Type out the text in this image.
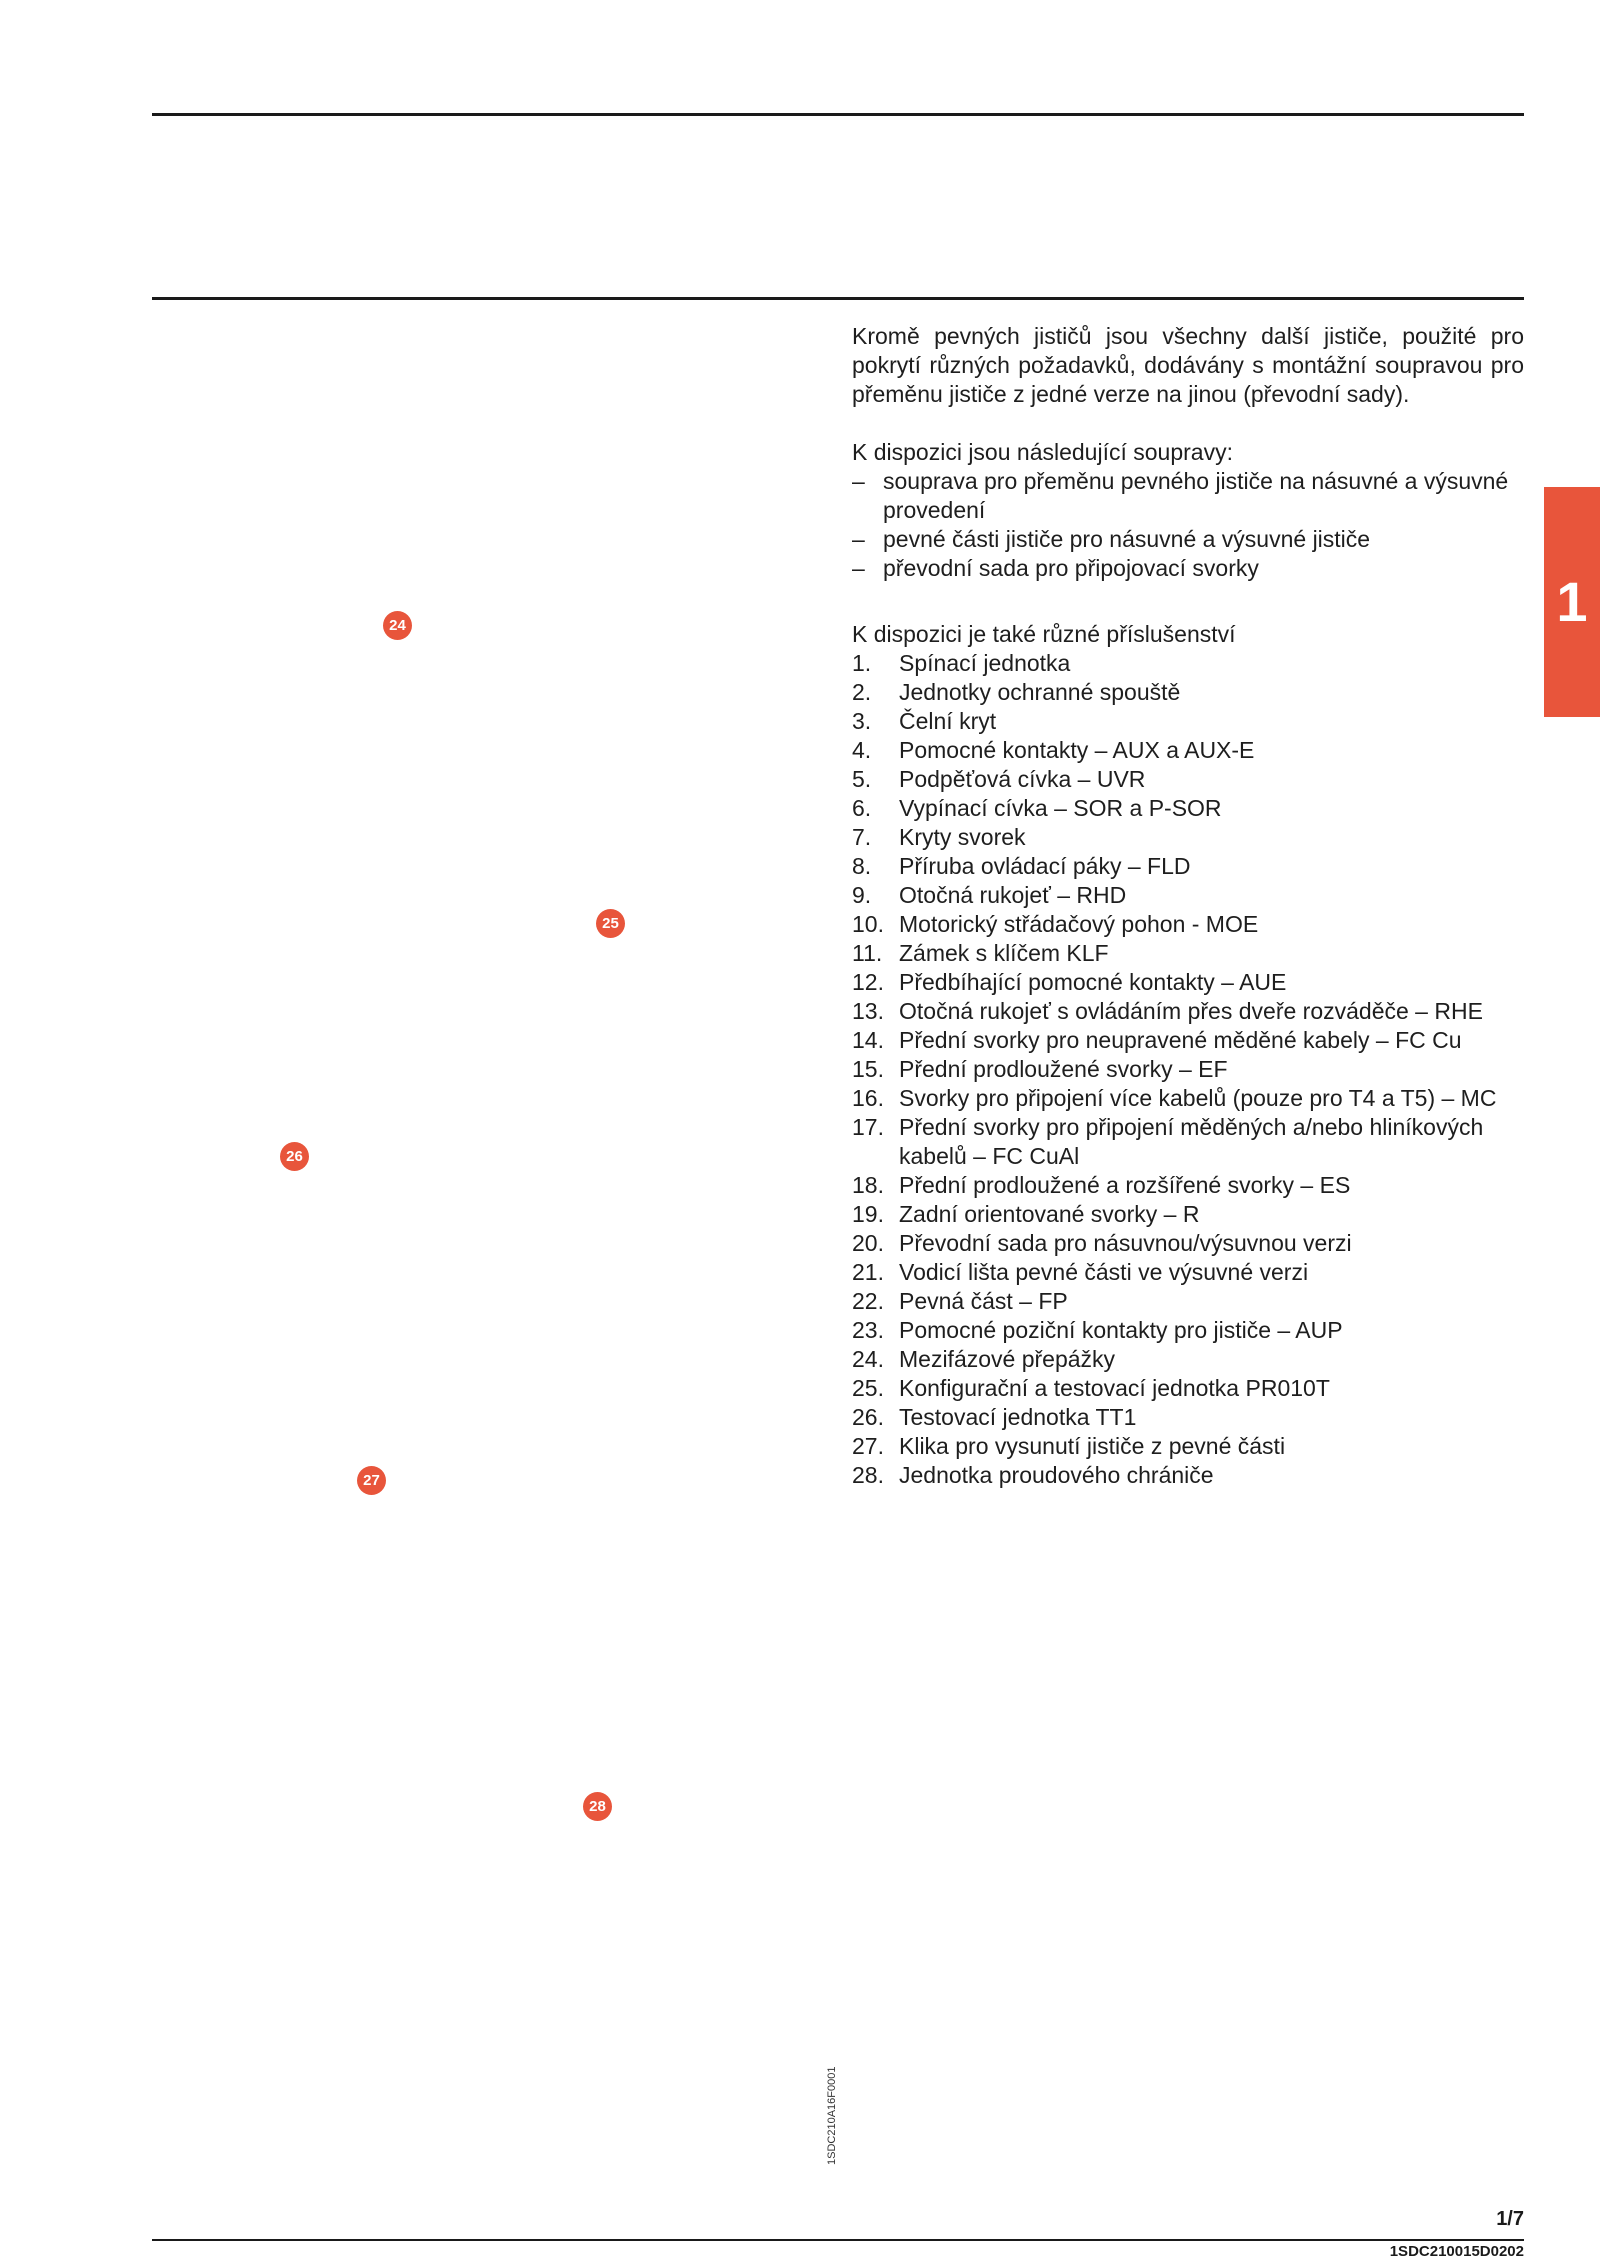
24
25
26
27
28

Kromě pevných jističů jsou všechny další jističe, použité pro pokrytí různých požadavků, dodávány s montážní soupravou pro přeměnu jističe z jedné verze na jinou (převodní sady).

K dispozici jsou následující soupravy:

– souprava pro přeměnu pevného jističe na násuvné a výsuvné provedení
– pevné části jističe pro násuvné a výsuvné jističe
– převodní sada pro připojovací svorky

K dispozici je také různé příslušenství

1. Spínací jednotka
2. Jednotky ochranné spouště
3. Čelní kryt
4. Pomocné kontakty – AUX a AUX-E
5. Podpěťová cívka – UVR
6. Vypínací cívka – SOR a P-SOR
7. Kryty svorek
8. Příruba ovládací páky – FLD
9. Otočná rukojeť – RHD
10. Motorický střádačový pohon - MOE
11. Zámek s klíčem KLF
12. Předbíhající pomocné kontakty – AUE
13. Otočná rukojeť s ovládáním přes dveře rozváděče – RHE
14. Přední svorky pro neupravené měděné kabely – FC Cu
15. Přední prodloužené svorky – EF
16. Svorky pro připojení více kabelů (pouze pro T4 a T5) – MC
17. Přední svorky pro připojení měděných a/nebo hliníkových kabelů – FC CuAl
18. Přední prodloužené a rozšířené svorky – ES
19. Zadní orientované svorky – R
20. Převodní sada pro násuvnou/výsuvnou verzi
21. Vodicí lišta pevné části ve výsuvné verzi
22. Pevná část – FP
23. Pomocné poziční kontakty pro jističe – AUP
24. Mezifázové přepážky
25. Konfigurační a testovací jednotka PR010T
26. Testovací jednotka TT1
27. Klika pro vysunutí jističe z pevné části
28. Jednotka proudového chrániče
1
1SDC210A16F0001
1/7
1SDC210015D0202
